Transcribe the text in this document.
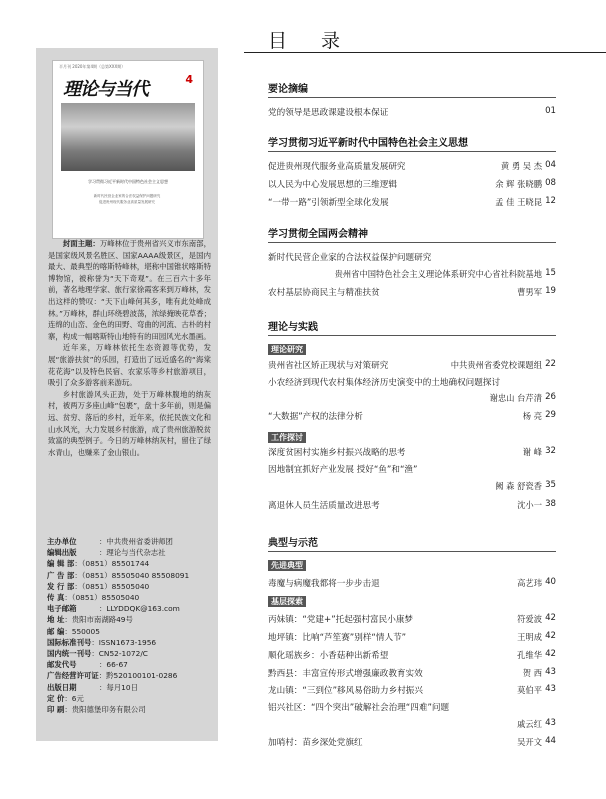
半月刊 2020年第4期（总第XXX期）
理论与当代	4
学习贯彻习近平新时代中国特色社会主义思想
新时代民营企业家的合法权益保护问题研究
促进贵州现代服务业高质量发展研究

封面主题：万峰林位于贵州省兴义市东南部，是国家级风景名胜区、国家AAAA级景区，是国内最大、最典型的喀斯特峰林，堪称中国锥状喀斯特博物馆，被称誉为“天下奇观”。在三百六十多年前，著名地理学家、旅行家徐霞客来到万峰林，发出这样的赞叹：“天下山峰何其多，唯有此处峰成林。”万峰林，群山环绕碧波荡，浓绿掩映花草香；连绵的山峦、金色的田野、弯曲的河流、古朴的村寨，构成一幅喀斯特山地特有的田园风光水墨画。

近年来，万峰林依托生态资源等优势，发展“旅游扶贫”的乐园，打造出了远近盛名的“海棠花花海”以及特色民宿、农家乐等乡村旅游项目，吸引了众多游客前来游玩。

乡村旅游风头正劲，处于万峰林腹地的纳灰村，被两万多座山峰“包裹”，盘十多年前，则是偏远、贫穷、落后的乡村，近年来，依托民族文化和山水风光，大力发展乡村旅游，成了贵州旅游脱贫致富的典型例子。今日的万峰林纳灰村，留住了绿水青山，也赚来了金山银山。

主办单位	：中共贵州省委讲师团
编辑出版	：理论与当代杂志社
编 辑 部 ：（0851）85501744
广 告 部 ：（0851）85505040 85508091
发 行 部 ：（0851）85505040
传 真 ：（0851）85505040
电子邮箱	：LLYDDQK@163.com
地 址 ：贵阳市南湖路49号
邮 编 ：550005
国际标准刊号 ：ISSN1673-1956
国内统一刊号 ：CN52-1072/C
邮发代号	：66-67
广告经营许可证 ：黔520100101-0286
出版日期	：每月10日
定 价 ：6元
印 刷 ：贵阳德堡印务有限公司
目 录
要论摘编
学习贯彻习近平新时代中国特色社会主义思想
学习贯彻全国两会精神
理论与实践
典型与示范
理论研究
工作探讨
先进典型
基层探索
党的领导是思政课建设根本保证	01
促进贵州现代服务业高质量发展研究	黄 勇 吴 杰 04
以人民为中心发展思想的三维逻辑	余 辉 张晓鹏 08
“一带一路”引领新型全球化发展	孟 佳 王晓昆 12
新时代民营企业家的合法权益保护问题研究
贵州省中国特色社会主义理论体系研究中心省社科院基地 15
农村基层协商民主与精准扶贫	曹男军 19
贵州省社区矫正现状与对策研究	中共贵州省委党校课题组 22
小农经济到现代农村集体经济历史演变中的土地确权问题探讨
谢忠山 台芹清 26
“大数据”产权的法律分析	杨 亮 29
深度贫困村实施乡村振兴战略的思考	谢 峰 32
因地制宜抓好产业发展 授好“鱼”和“渔”
阙 森 舒瓷香 35
离退休人员生活质量改进思考	沈小一 38
毒魔与病魔我都将一步步击退	高艺玮 40
丙妹镇：“党建+”托起强村富民小康梦	符爱波 42
地坪镇：比响“芦笙赛”别样“情人节”	王明成 42
顺化瑶族乡：小香菇种出新希望	孔维华 42
黔西县：丰富宣传形式增强廉政教育实效	贺 西 43
龙山镇：“三到位”移风易俗助力乡村振兴	莫伯平 43
铝兴社区：“四个突出”破解社会治理“四难”问题
戚云红 43
加哨村：苗乡深处党旗红	吴开文 44
